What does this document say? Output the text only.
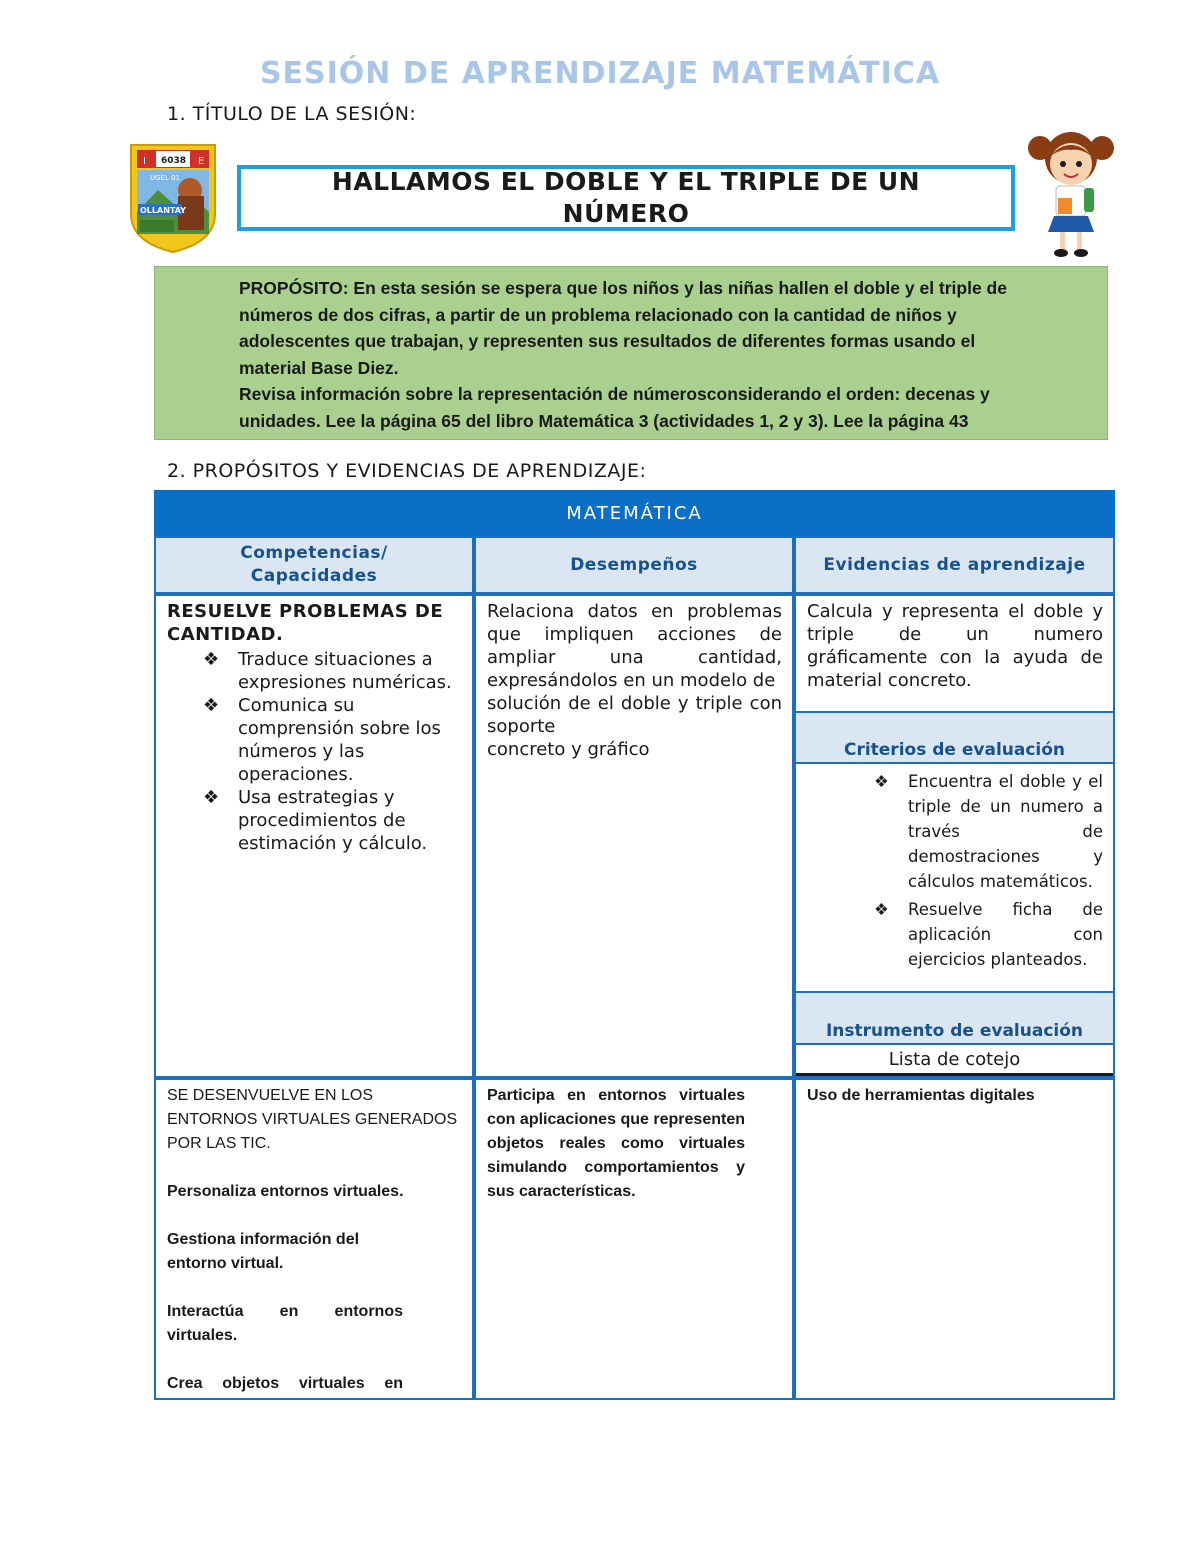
SESIÓN DE APRENDIZAJE MATEMÁTICA
1. TÍTULO DE LA SESIÓN:
I 6038 E
UGEL 01
OLLANTAY
HALLAMOS EL DOBLE Y EL TRIPLE DE UN NÚMERO

PROPÓSITO: En esta sesión se espera que los niños y las niñas hallen el doble y el triple de números de dos cifras, a partir de un problema relacionado con la cantidad de niños y adolescentes que trabajan, y representen sus resultados de diferentes formas usando el material Base Diez.

Revisa información sobre la representación de númerosconsiderando el orden: decenas y unidades. Lee la página 65 del libro Matemática 3 (actividades 1, 2 y 3). Lee la página 43

2. PROPÓSITOS Y EVIDENCIAS DE APRENDIZAJE:
MATEMÁTICA
Competencias/ Capacidades
Desempeños	Evidencias de aprendizaje
RESUELVE PROBLEMAS DE CANTIDAD.
❖ Traduce situaciones a expresiones numéricas.
❖ Comunica su comprensión sobre los números y las operaciones.
❖ Usa estrategias y procedimientos de estimación y cálculo.

Relaciona datos en problemas que impliquen acciones de ampliar una cantidad, expresándolos en un modelo de

solución de el doble y triple con soporte

concreto y gráfico

Calcula y representa el doble y triple de un numero gráficamente con la ayuda de material concreto.
Criterios de evaluación
❖ Encuentra el doble y el triple de un numero a través de demostraciones y cálculos matemáticos.
❖ Resuelve ficha de aplicación con ejercicios planteados.
Instrumento de evaluación
Lista de cotejo

SE DESENVUELVE EN LOS ENTORNOS VIRTUALES GENERADOS POR LAS TIC.

Personaliza entornos virtuales.

Gestiona información del entorno virtual.

Interactúa en entornos virtuales.

Crea objetos virtuales en

Participa en entornos virtuales con aplicaciones que representen objetos reales como virtuales simulando comportamientos y sus características.

Uso de herramientas digitales
